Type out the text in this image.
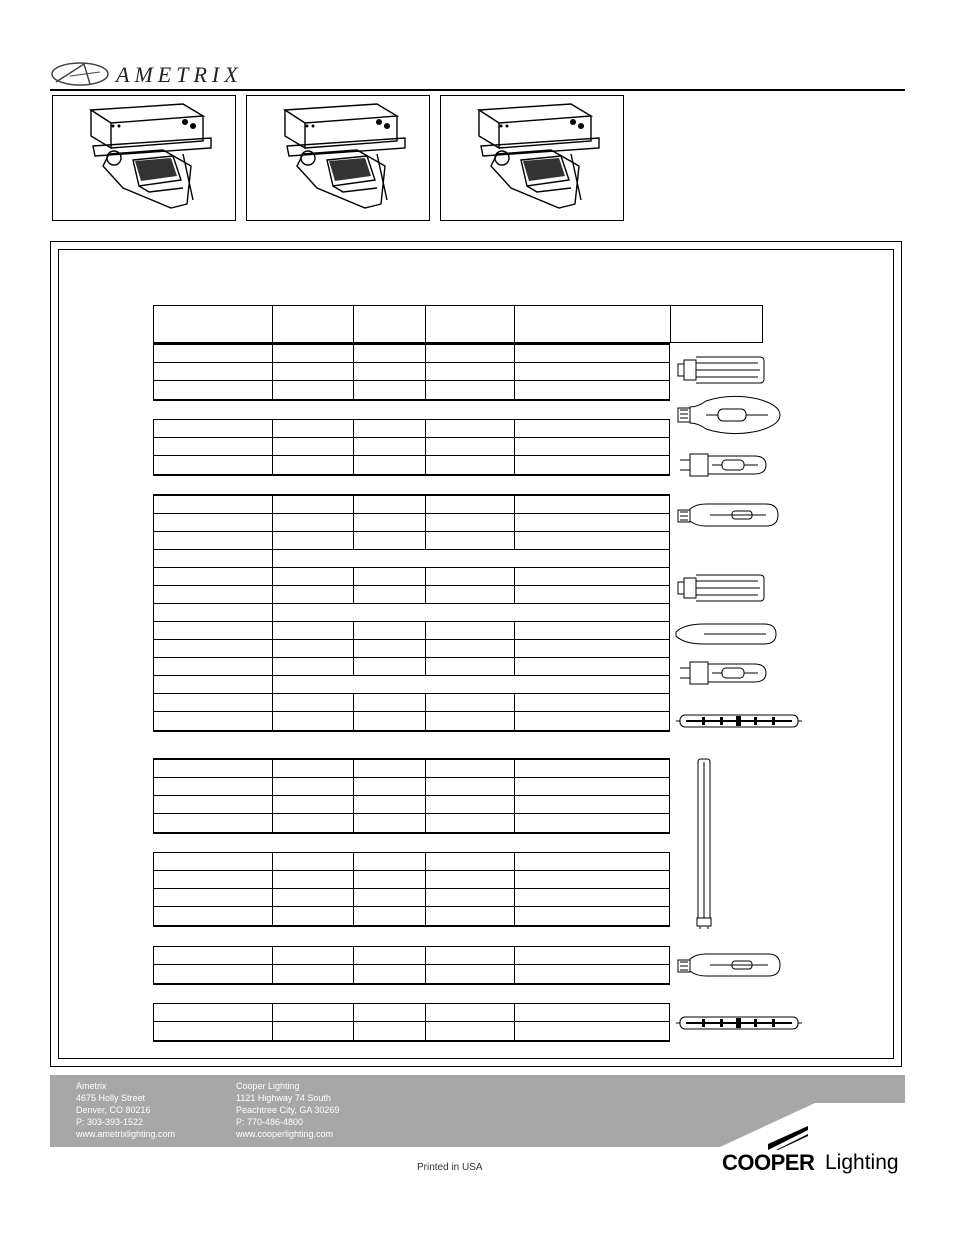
AMETRIX
Ametrix
4675 Holly Street
Denver, CO 80216
P: 303-393-1522
www.ametrixlighting.com
Cooper Lighting
1121 Highway 74 South
Peachtree City, GA 30269
P: 770-486-4800
www.cooperlighting.com
Printed in USA	COOPER Lighting
